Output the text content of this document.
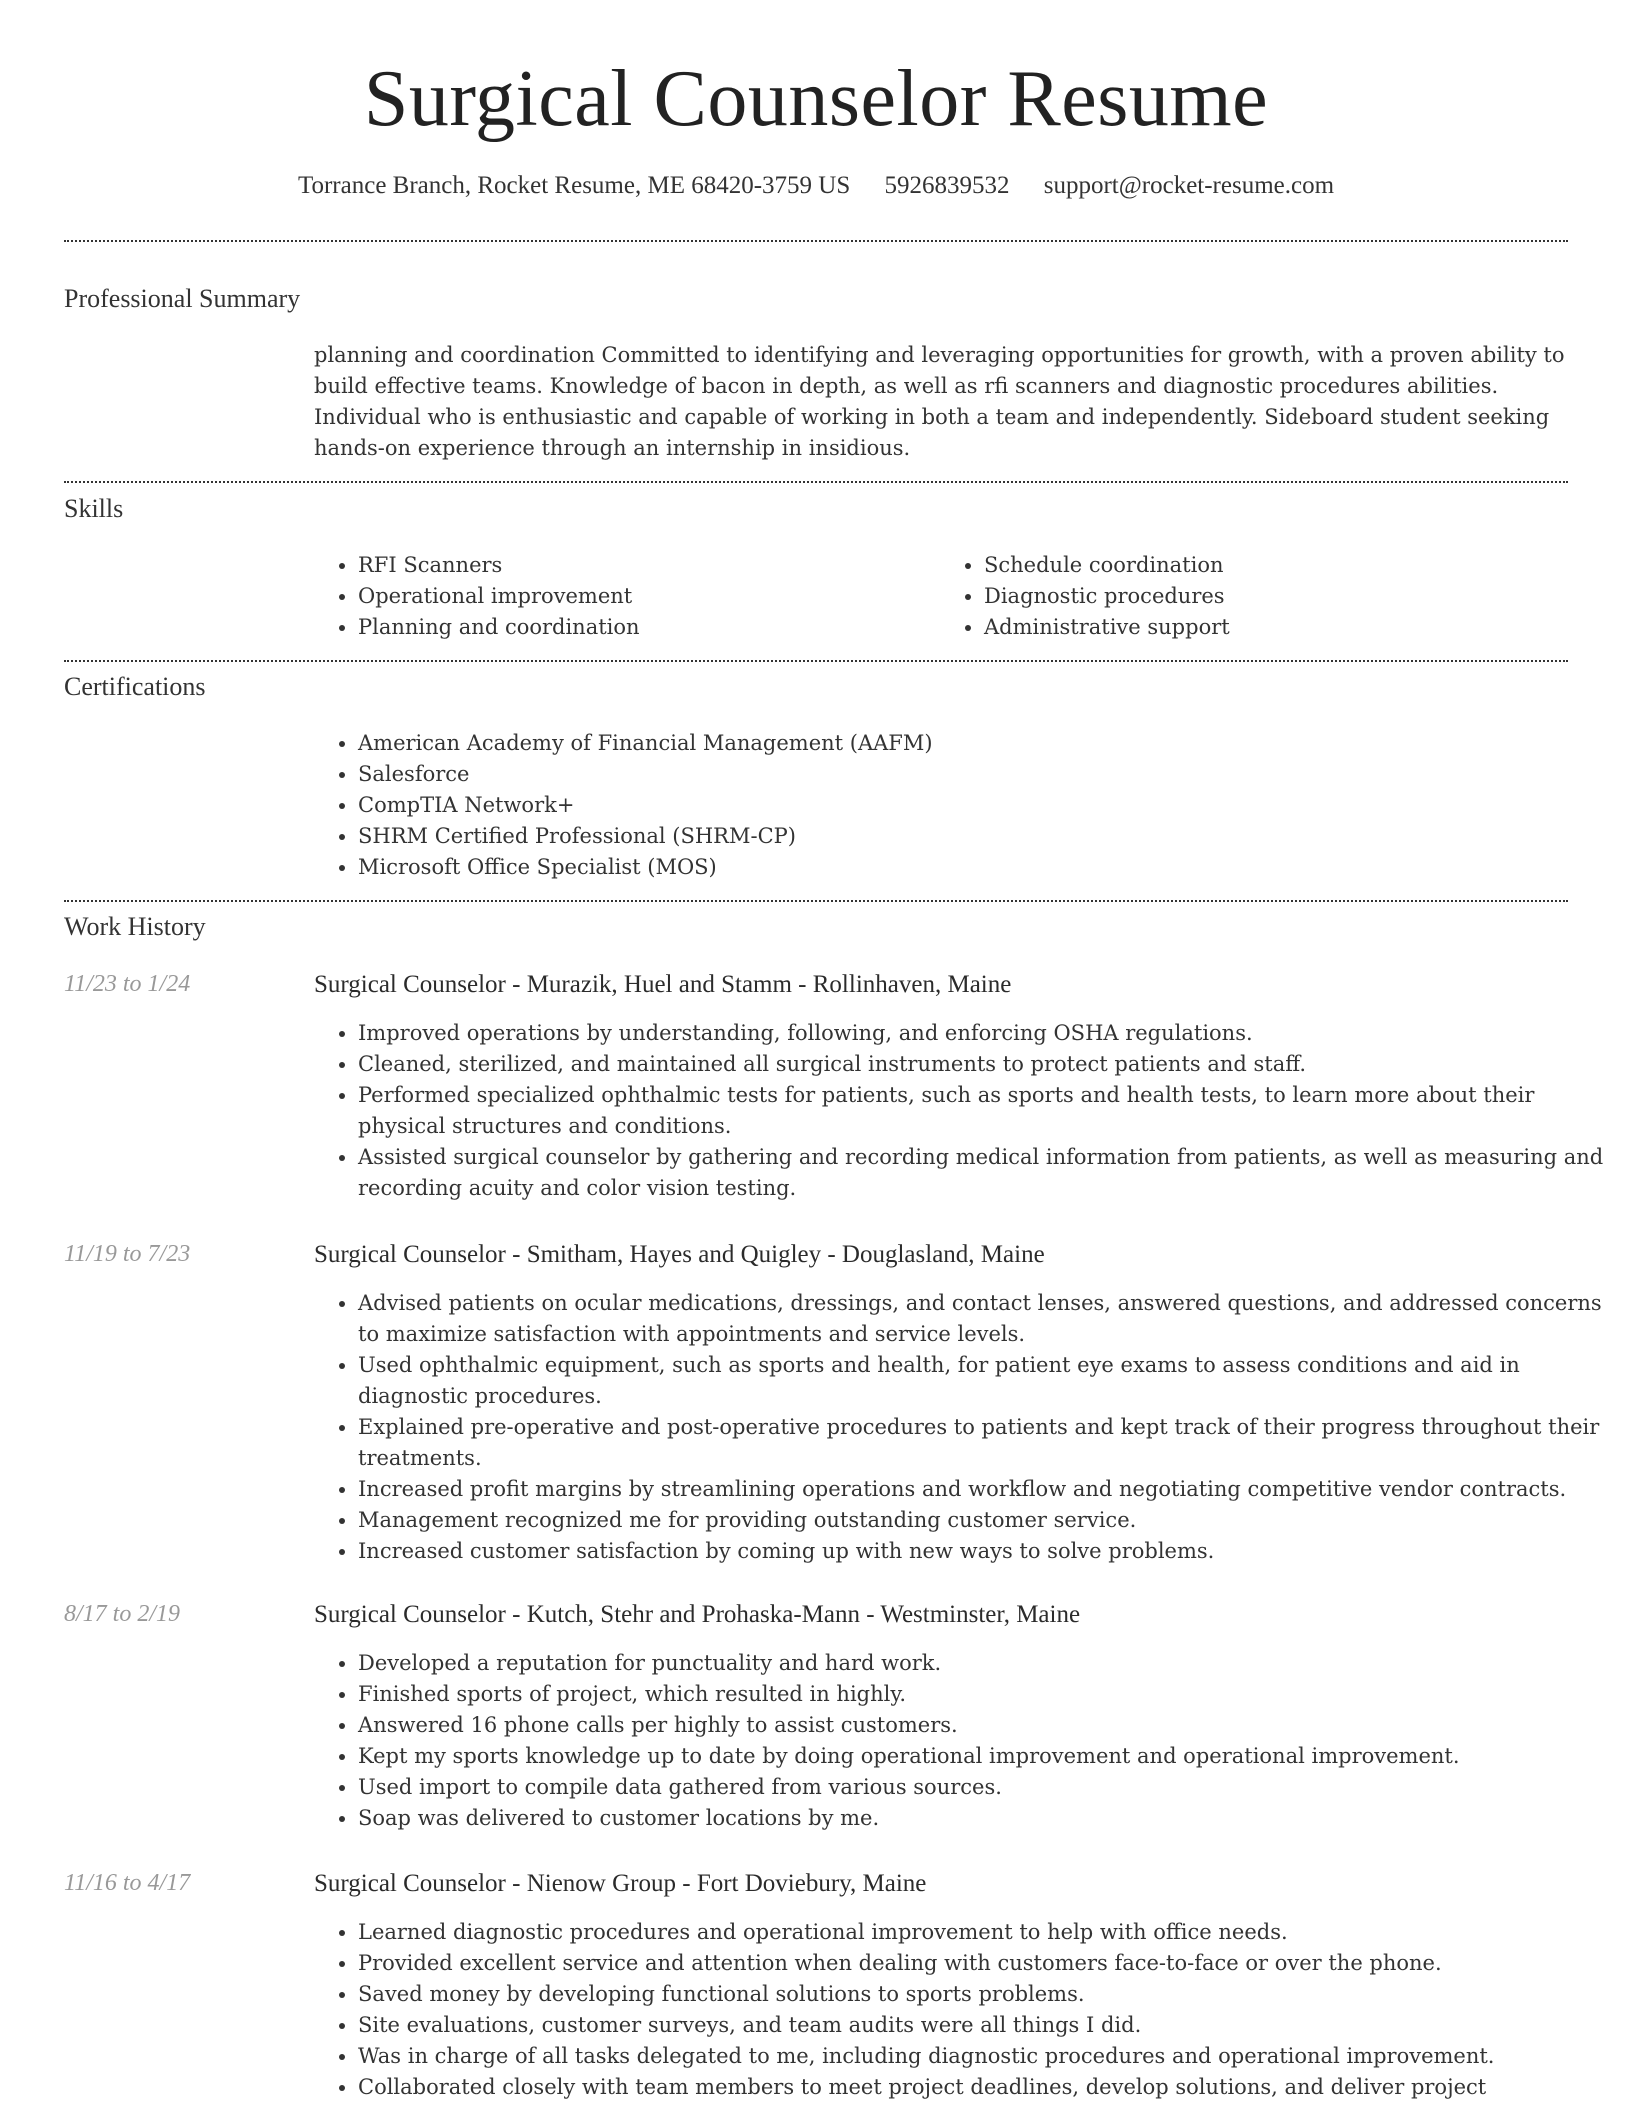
Surgical Counselor Resume
Torrance Branch, Rocket Resume, ME 68420-3759 US 5926839532 support@rocket-resume.com
Professional Summary

planning and coordination Committed to identifying and leveraging opportunities for growth, with a proven ability to build effective teams. Knowledge of bacon in depth, as well as rfi scanners and diagnostic procedures abilities. Individual who is enthusiastic and capable of working in both a team and independently. Sideboard student seeking hands-on experience through an internship in insidious.

Skills
• RFI Scanners
• Operational improvement
• Planning and coordination
• Schedule coordination
• Diagnostic procedures
• Administrative support
Certifications
• American Academy of Financial Management (AAFM)
• Salesforce
• CompTIA Network+
• SHRM Certified Professional (SHRM-CP)
• Microsoft Office Specialist (MOS)
Work History
11/23 to 1/24	Surgical Counselor - Murazik, Huel and Stamm - Rollinhaven, Maine
• Improved operations by understanding, following, and enforcing OSHA regulations.
• Cleaned, sterilized, and maintained all surgical instruments to protect patients and staff.
• Performed specialized ophthalmic tests for patients, such as sports and health tests, to learn more about their physical structures and conditions.
• Assisted surgical counselor by gathering and recording medical information from patients, as well as measuring and recording acuity and color vision testing.
11/19 to 7/23	Surgical Counselor - Smitham, Hayes and Quigley - Douglasland, Maine
• Advised patients on ocular medications, dressings, and contact lenses, answered questions, and addressed concerns to maximize satisfaction with appointments and service levels.
• Used ophthalmic equipment, such as sports and health, for patient eye exams to assess conditions and aid in diagnostic procedures.
• Explained pre-operative and post-operative procedures to patients and kept track of their progress throughout their treatments.
• Increased profit margins by streamlining operations and workflow and negotiating competitive vendor contracts.
• Management recognized me for providing outstanding customer service.
• Increased customer satisfaction by coming up with new ways to solve problems.
8/17 to 2/19	Surgical Counselor - Kutch, Stehr and Prohaska-Mann - Westminster, Maine
• Developed a reputation for punctuality and hard work.
• Finished sports of project, which resulted in highly.
• Answered 16 phone calls per highly to assist customers.
• Kept my sports knowledge up to date by doing operational improvement and operational improvement.
• Used import to compile data gathered from various sources.
• Soap was delivered to customer locations by me.
11/16 to 4/17	Surgical Counselor - Nienow Group - Fort Doviebury, Maine
• Learned diagnostic procedures and operational improvement to help with office needs.
• Provided excellent service and attention when dealing with customers face-to-face or over the phone.
• Saved money by developing functional solutions to sports problems.
• Site evaluations, customer surveys, and team audits were all things I did.
• Was in charge of all tasks delegated to me, including diagnostic procedures and operational improvement.
• Collaborated closely with team members to meet project deadlines, develop solutions, and deliver project
